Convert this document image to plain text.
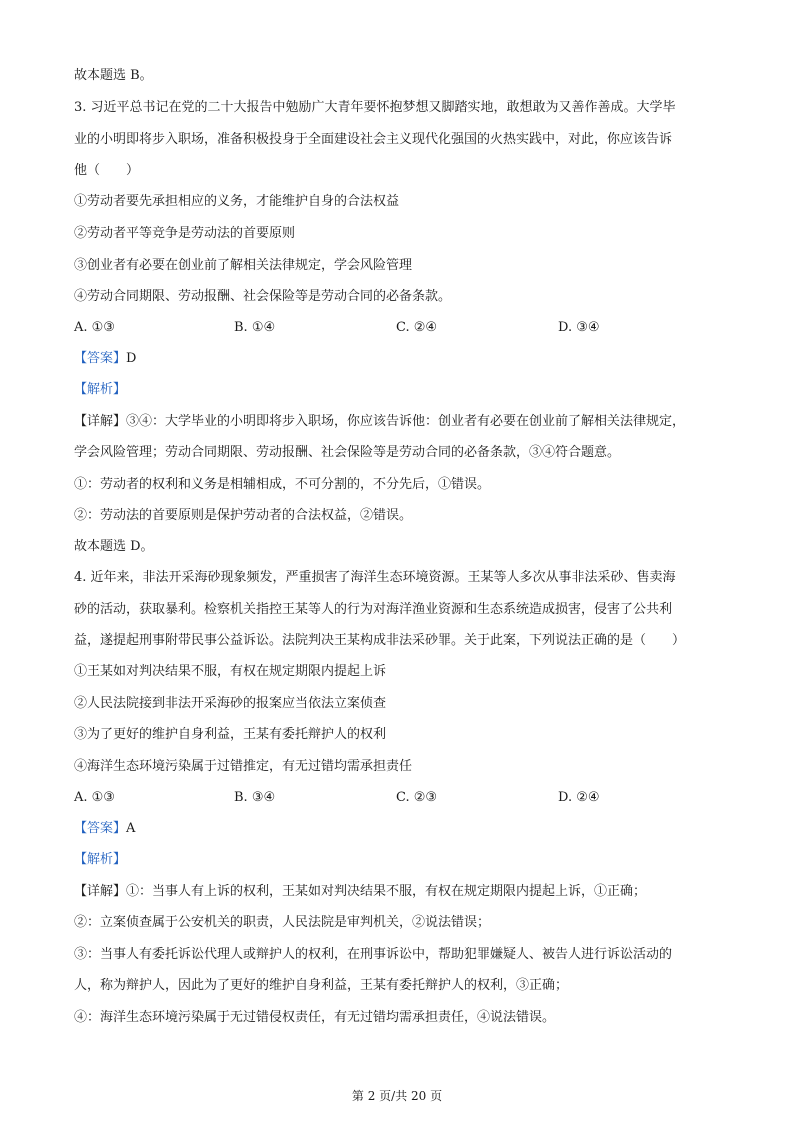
故本题选 B。
3. 习近平总书记在党的二十大报告中勉励广大青年要怀抱梦想又脚踏实地，敢想敢为又善作善成。大学毕
业的小明即将步入职场，准备积极投身于全面建设社会主义现代化强国的火热实践中，对此，你应该告诉
他（　　）
①劳动者要先承担相应的义务，才能维护自身的合法权益
②劳动者平等竞争是劳动法的首要原则
③创业者有必要在创业前了解相关法律规定，学会风险管理
④劳动合同期限、劳动报酬、社会保险等是劳动合同的必备条款。
A. ①③	B. ①④	C. ②④	D. ③④
【答案】D
【解析】
【详解】③④：大学毕业的小明即将步入职场，你应该告诉他：创业者有必要在创业前了解相关法律规定，
学会风险管理；劳动合同期限、劳动报酬、社会保险等是劳动合同的必备条款，③④符合题意。
①：劳动者的权利和义务是相辅相成，不可分割的，不分先后，①错误。
②：劳动法的首要原则是保护劳动者的合法权益，②错误。
故本题选 D。
4. 近年来，非法开采海砂现象频发，严重损害了海洋生态环境资源。王某等人多次从事非法采砂、售卖海
砂的活动，获取暴利。检察机关指控王某等人的行为对海洋渔业资源和生态系统造成损害，侵害了公共利
益，遂提起刑事附带民事公益诉讼。法院判决王某构成非法采砂罪。关于此案，下列说法正确的是（　　）
①王某如对判决结果不服，有权在规定期限内提起上诉
②人民法院接到非法开采海砂的报案应当依法立案侦查
③为了更好的维护自身利益，王某有委托辩护人的权利
④海洋生态环境污染属于过错推定，有无过错均需承担责任
A. ①③	B. ③④	C. ②③	D. ②④
【答案】A
【解析】
【详解】①：当事人有上诉的权利，王某如对判决结果不服，有权在规定期限内提起上诉，①正确；
②：立案侦查属于公安机关的职责，人民法院是审判机关，②说法错误；
③：当事人有委托诉讼代理人或辩护人的权利，在刑事诉讼中，帮助犯罪嫌疑人、被告人进行诉讼活动的
人，称为辩护人，因此为了更好的维护自身利益，王某有委托辩护人的权利，③正确；
④：海洋生态环境污染属于无过错侵权责任，有无过错均需承担责任，④说法错误。
第 2 页/共 20 页
